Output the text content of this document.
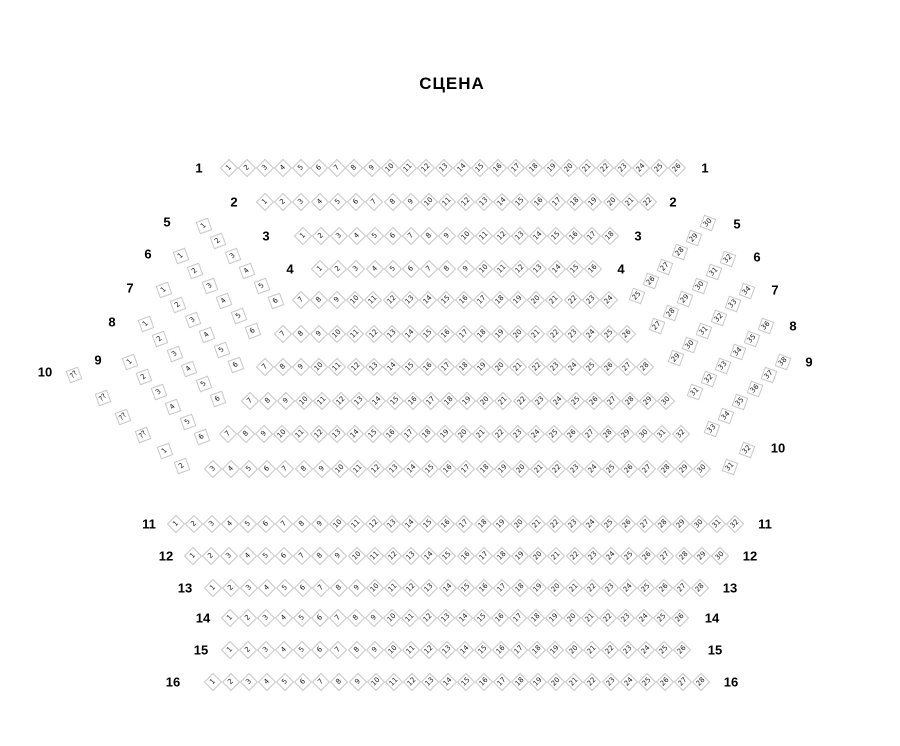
СЦЕНА
1	1
1 2 3 4 5 6 7 8 9 10 11 12 13 14 15 16 17 18 19 20 21 22 23 24 25 26
2	2
1 2 3 4 5 6 7 8 9 10 11 12 13 14 15 16 17 18 19 20 21 22
3	3
1 2 3 4 5 6 7 8 9 10 11 12 13 14 15 16 17 18
4	4
1 2 3 4 5 6 7 8 9 10 11 12 13 14 15 16
5	5
1
2
3
4
5
6 7 8 9 10 11 12 13 14 15 16 17 18 19 20 21 22 23 24 25
26
27
28
29
30
6	6
1
2
3
4
5
6	7 8 9 10 11 12 13 14 15 16 17 18 19 20 21 22 23 24 25 26
27
28
29
30
31
32
7	7
1
2
3
4
5
6	7 8 9 10 11 12 13 14 15 16 17 18 19 20 21 22 23 24 25 26 27 28
29
30
31
32
33
34
8	8
1
2
3
4
5
6	7 8 9 10 11 12 13 14 15 16 17 18 19 20 21 22 23 24 25 26 27 28 29 30
31
32
33
34
35
36
9	9
1
2
3
4
5
6 7 8 9 10 11 12 13 14 15 16 17 18 19 20 21 22 23 24 25 26 27 28 29 30 31 32	33
34
35
36
37
38
10
10
??
??
??
??
1
2	3 4 5 6 7 8 9 10 11 12 13 14 15 16 17 18 19 20 21 22 23 24 25 26 27 28 29 30 31
32
11	11
1 2 3 4 5 6 7 8 9 10 11 12 13 14 15 16 17 18 19 20 21 22 23 24 25 26 27 28 29 30 31 32
12	12
1 2 3 4 5 6 7 8 9 10 11 12 13 14 15 16 17 18 19 20 21 22 23 24 25 26 27 28 29 30
13	13
1 2 3 4 5 6 7 8 9 10 11 12 13 14 15 16 17 18 19 20 21 22 23 24 25 26 27 28
14	14
1 2 3 4 5 6 7 8 9 10 11 12 13 14 15 16 17 18 19 20 21 22 23 24 25 26
15	15
1 2 3 4 5 6 7 8 9 10 11 12 13 14 15 16 17 18 19 20 21 22 23 24 25 26
16	16
1 2 3 4 5 6 7 8 9 10 11 12 13 14 15 16 17 18 19 20 21 22 23 24 25 26 27 28
